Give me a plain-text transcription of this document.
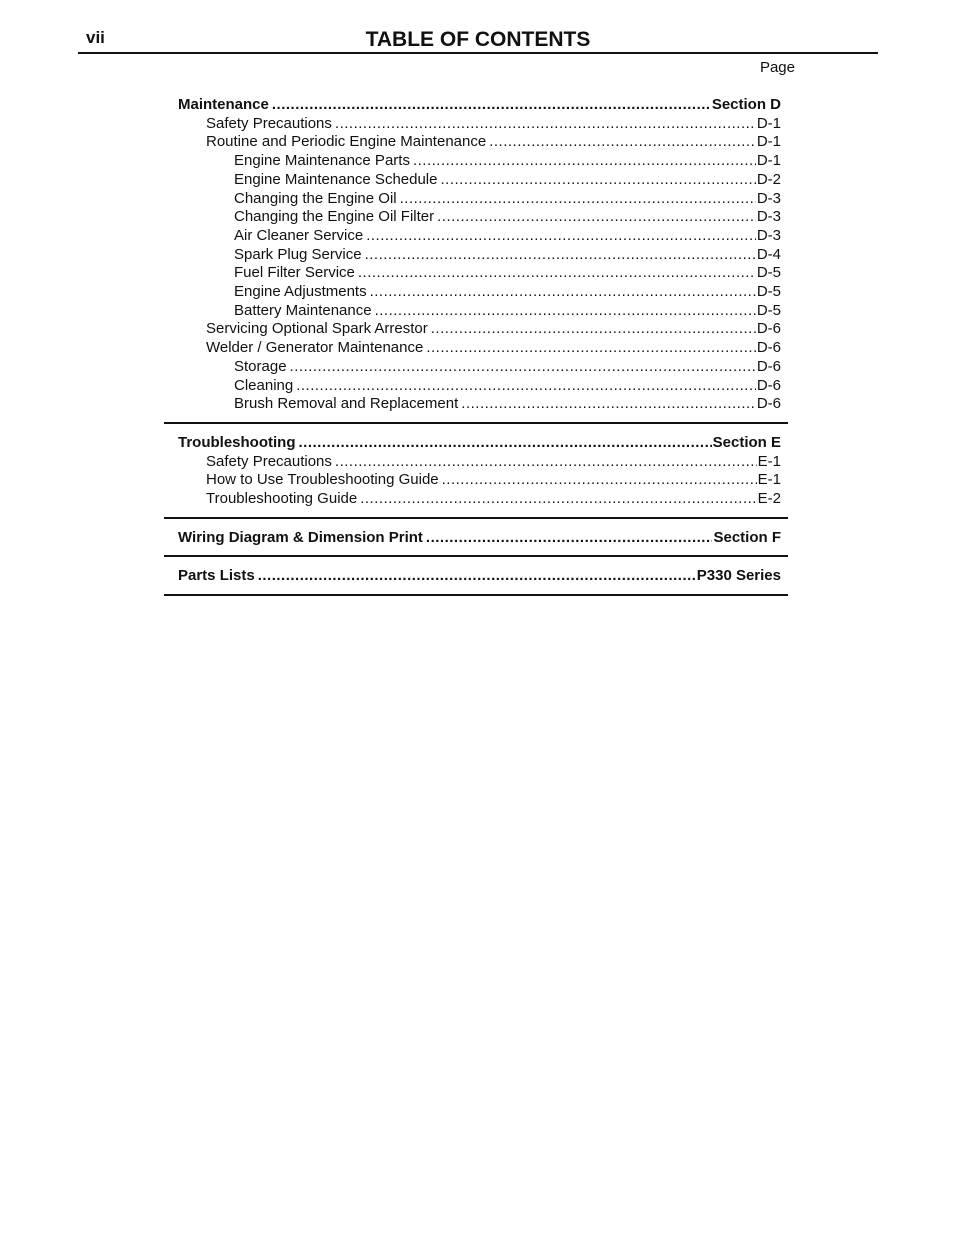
vii	TABLE OF CONTENTS
Page
Maintenance .....	Section D
Safety Precautions .....	D-1
Routine and Periodic Engine Maintenance .....	D-1
Engine Maintenance Parts .....	D-1
Engine Maintenance Schedule .....	D-2
Changing the Engine Oil .....	D-3
Changing the Engine Oil Filter .....	D-3
Air Cleaner Service .....	D-3
Spark Plug Service .....	D-4
Fuel Filter Service .....	D-5
Engine Adjustments .....	D-5
Battery Maintenance .....	D-5
Servicing Optional Spark Arrestor .....	D-6
Welder / Generator Maintenance .....	D-6
Storage .....	D-6
Cleaning .....	D-6
Brush Removal and Replacement .....	D-6
Troubleshooting .....	Section E
Safety Precautions .....	E-1
How to Use Troubleshooting Guide .....	E-1
Troubleshooting Guide .....	E-2
Wiring Diagram & Dimension Print .....	Section F
Parts Lists .....	P330 Series
